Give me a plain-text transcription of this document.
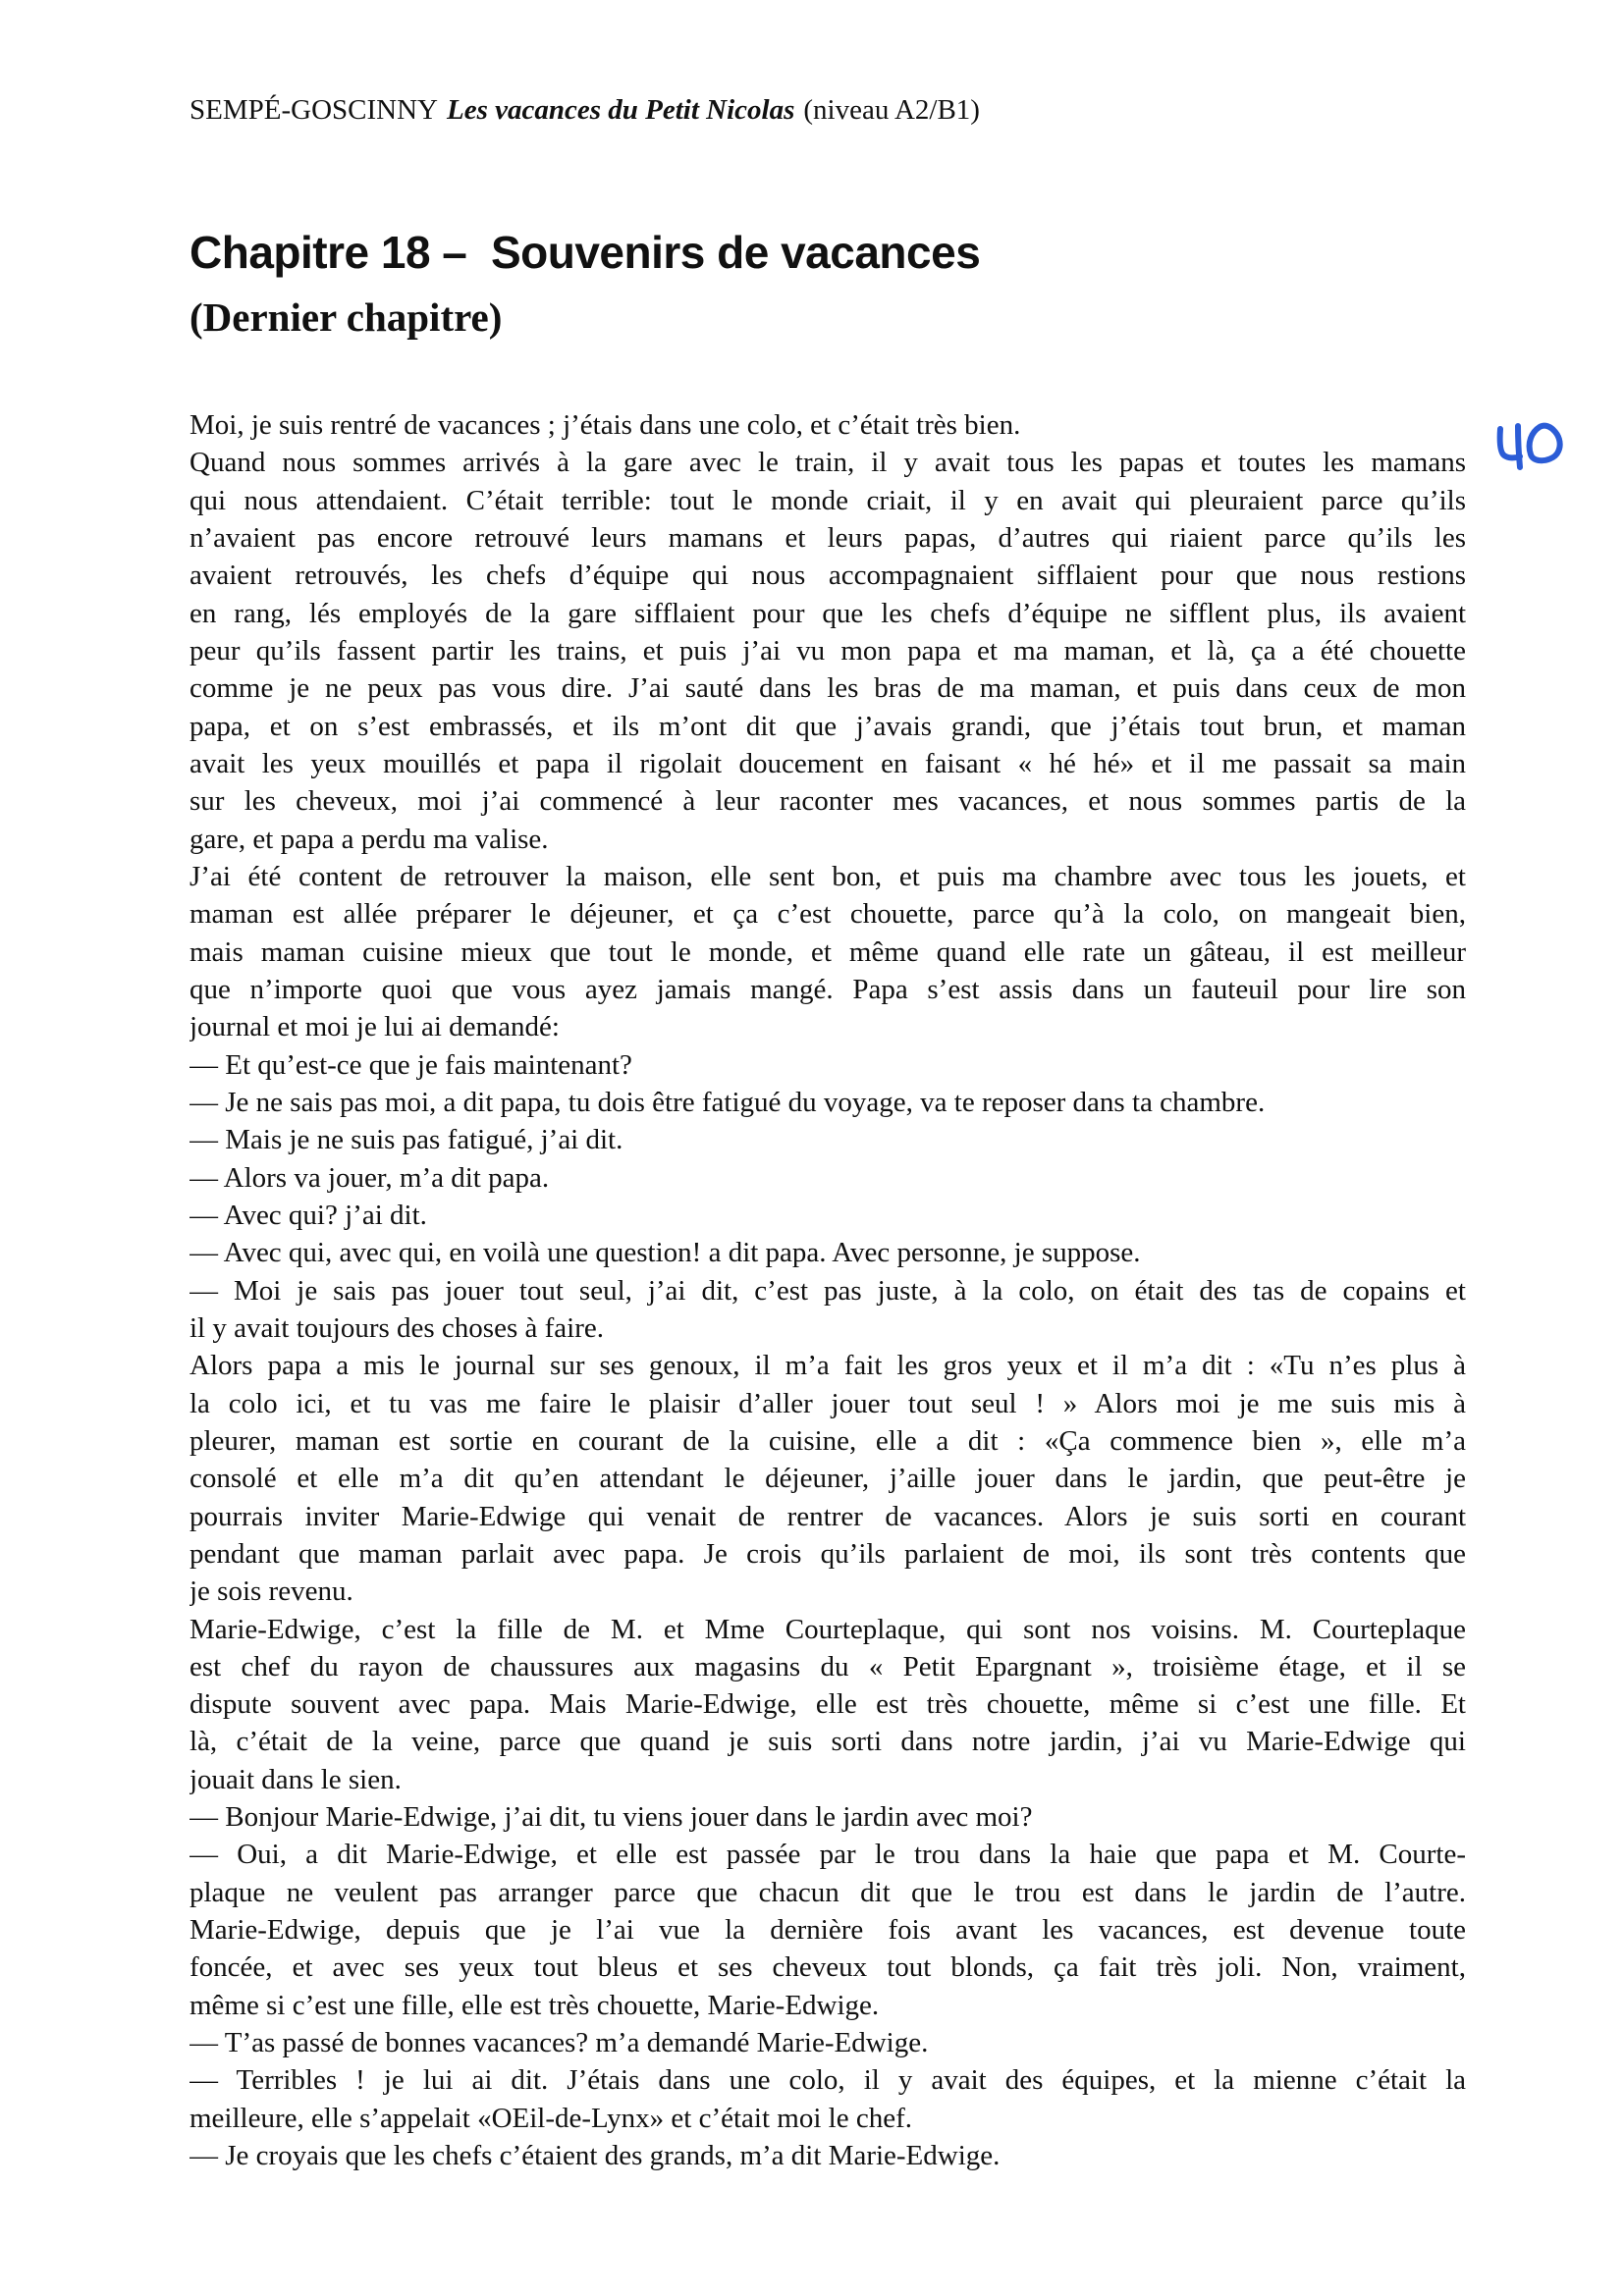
SEMPÉ-GOSCINNY Les vacances du Petit Nicolas (niveau A2/B1)
Chapitre 18 –  Souvenirs de vacances
(Dernier chapitre)
Moi, je suis rentré de vacances ; j’étais dans une colo, et c’était très bien.
Quand nous sommes arrivés à la gare avec le train, il y avait tous les papas et toutes les mamans
qui nous attendaient. C’était terrible: tout le monde criait, il y en avait qui pleuraient parce qu’ils
n’avaient pas encore retrouvé leurs mamans et leurs papas, d’autres qui riaient parce qu’ils les
avaient retrouvés, les chefs d’équipe qui nous accompagnaient sifflaient pour que nous restions
en rang, lés employés de la gare sifflaient pour que les chefs d’équipe ne sifflent plus, ils avaient
peur qu’ils fassent partir les trains, et puis j’ai vu mon papa et ma maman, et là, ça a été chouette
comme je ne peux pas vous dire. J’ai sauté dans les bras de ma maman, et puis dans ceux de mon
papa, et on s’est embrassés, et ils m’ont dit que j’avais grandi, que j’étais tout brun, et maman
avait les yeux mouillés et papa il rigolait doucement en faisant « hé hé» et il me passait sa main
sur les cheveux, moi j’ai commencé à leur raconter mes vacances, et nous sommes partis de la
gare, et papa a perdu ma valise.
J’ai été content de retrouver la maison, elle sent bon, et puis ma chambre avec tous les jouets, et
maman est allée préparer le déjeuner, et ça c’est chouette, parce qu’à la colo, on mangeait bien,
mais maman cuisine mieux que tout le monde, et même quand elle rate un gâteau, il est meilleur
que n’importe quoi que vous ayez jamais mangé. Papa s’est assis dans un fauteuil pour lire son
journal et moi je lui ai demandé:
— Et qu’est-ce que je fais maintenant?
— Je ne sais pas moi, a dit papa, tu dois être fatigué du voyage, va te reposer dans ta chambre.
— Mais je ne suis pas fatigué, j’ai dit.
— Alors va jouer, m’a dit papa.
— Avec qui? j’ai dit.
— Avec qui, avec qui, en voilà une question! a dit papa. Avec personne, je suppose.
— Moi je sais pas jouer tout seul, j’ai dit, c’est pas juste, à la colo, on était des tas de copains et
il y avait toujours des choses à faire.
Alors papa a mis le journal sur ses genoux, il m’a fait les gros yeux et il m’a dit : «Tu n’es plus à
la colo ici, et tu vas me faire le plaisir d’aller jouer tout seul ! » Alors moi je me suis mis à
pleurer, maman est sortie en courant de la cuisine, elle a dit : «Ça commence bien », elle m’a
consolé et elle m’a dit qu’en attendant le déjeuner, j’aille jouer dans le jardin, que peut-être je
pourrais inviter Marie-Edwige qui venait de rentrer de vacances. Alors je suis sorti en courant
pendant que maman parlait avec papa. Je crois qu’ils parlaient de moi, ils sont très contents que
je sois revenu.
Marie-Edwige, c’est la fille de M. et Mme Courteplaque, qui sont nos voisins. M. Courteplaque
est chef du rayon de chaussures aux magasins du « Petit Epargnant », troisième étage, et il se
dispute souvent avec papa. Mais Marie-Edwige, elle est très chouette, même si c’est une fille. Et
là, c’était de la veine, parce que quand je suis sorti dans notre jardin, j’ai vu Marie-Edwige qui
jouait dans le sien.
— Bonjour Marie-Edwige, j’ai dit, tu viens jouer dans le jardin avec moi?
— Oui, a dit Marie-Edwige, et elle est passée par le trou dans la haie que papa et M. Courte-
plaque ne veulent pas arranger parce que chacun dit que le trou est dans le jardin de l’autre.
Marie-Edwige, depuis que je l’ai vue la dernière fois avant les vacances, est devenue toute
foncée, et avec ses yeux tout bleus et ses cheveux tout blonds, ça fait très joli. Non, vraiment,
même si c’est une fille, elle est très chouette, Marie-Edwige.
— T’as passé de bonnes vacances? m’a demandé Marie-Edwige.
— Terribles ! je lui ai dit. J’étais dans une colo, il y avait des équipes, et la mienne c’était la
meilleure, elle s’appelait «OEil-de-Lynx» et c’était moi le chef.
— Je croyais que les chefs c’étaient des grands, m’a dit Marie-Edwige.
